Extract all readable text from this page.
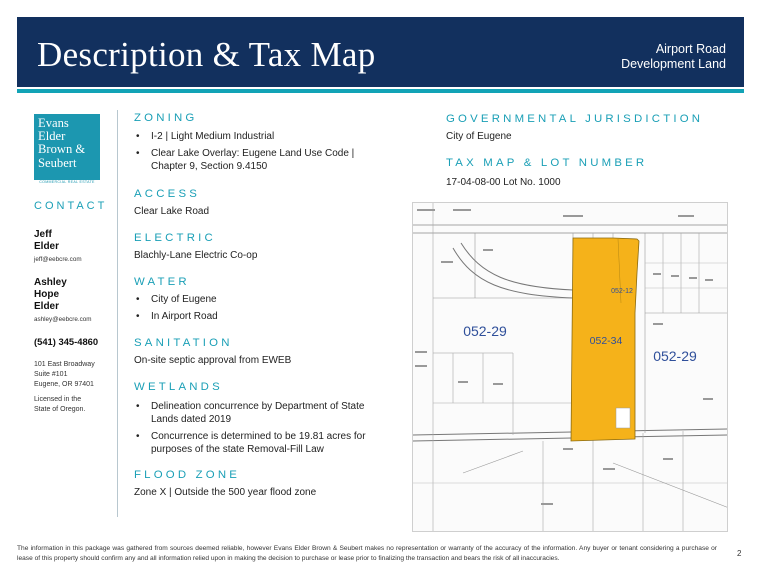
Description & Tax Map	Airport Road
Development Land
Evans
Elder
Brown &
Seubert
COMMERCIAL REAL ESTATE
CONTACT
Jeff
Elder
jeff@eebcre.com
Ashley
Hope
Elder
ashley@eebcre.com
(541) 345-4860
101 East Broadway
Suite #101
Eugene, OR 97401
Licensed in the
State of Oregon.
ZONING
• I-2 | Light Medium Industrial
• Clear Lake Overlay: Eugene Land Use Code | Chapter 9, Section 9.4150
ACCESS
Clear Lake Road
ELECTRIC
Blachly-Lane Electric Co-op
WATER
• City of Eugene
• In Airport Road
SANITATION
On-site septic approval from EWEB
WETLANDS
• Delineation concurrence by Department of State Lands dated 2019
• Concurrence is determined to be 19.81 acres for purposes of the state Removal-Fill Law
FLOOD ZONE
Zone X | Outside the 500 year flood zone
GOVERNMENTAL JURISDICTION
City of Eugene
TAX MAP & LOT NUMBER
17-04-08-00 Lot No. 1000
052-29
052-34
052-29
052-12
The information in this package was gathered from sources deemed reliable, however Evans Elder Brown & Seubert makes no representation or warranty of the accuracy of the information. Any buyer or tenant considering a purchase or lease of this property should confirm any and all information relied upon in making the decision to purchase or lease prior to finalizing the transaction and bears the risk of all inaccuracies.	2
